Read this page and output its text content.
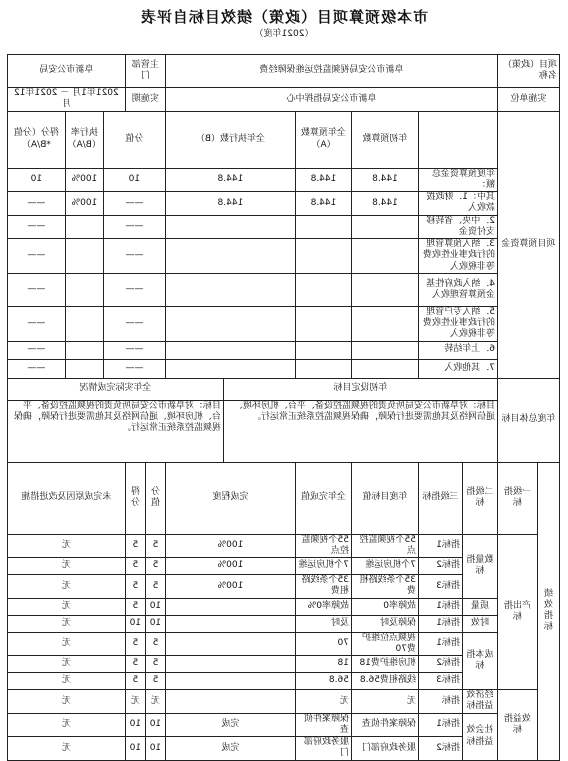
市本级预算项目（政策）绩效目标自评表
（2021年度）
项目（政策）名称		阜新市公安局视频监控运维保障经费						主管部门		阜新市公安局		
实施单位		阜新市公安局指挥中心						实施期		2021年1月 － 2021年12月		
项目预算资金				年初预算数	全年预算数（A）	全年执行数（B）		分值			执行率（B/A）	得分（分值*B/A）
		年度预算资金总额：		144.8	144.8	144.8		10			100%	10
		其中：1．财政拨款收入		144.8	144.8	144.8		——			100%	——
		2．中央、省转移支付资金						——				——
		3．纳入预算管理的行政事业性收费等非税收入						——				——
		4．纳入政府性基金预算管理收入						——				——
		5．纳入专户管理的行政事业性收费等非税收入						——				——
		6．上年结转						——				——
		7．其他收入						——				——
年度总体目标		年初设定目标					全年实际完成情况					
		目标：对阜新市公安局所负责的视频监控设备、平台、机房环境、通信网络及其他需要进行保障，确保视频监控系统正常运行。					目标：对阜新市公安局所负责的视频监控设备、平台、机房环境、通信网络及其他需要进行保障，确保视频监控系统正常运行。					
绩效指标	一级指标	二级指标	三级指标	年度目标值	全年完成值	完成程度		分值	得分	未完成原因及改进措施		
	产出指标	数量指标	指标1	55个视频监控点	55个视频监控点	100%		5	5	无		
			指标2	7个机房运维	7个机房运维	100%		5	5	无		
			指标3	35个条线路租费	35个条线路租费	100%		5	5	无		
		质量	指标1	故障率0	故障率0%			10	5	无		
		时效	指标1	保障及时	及时			10	10	无		
		成本指标	指标1	视频点位维护费70	70			5	5	无		
			指标2	机房维护费18	18			5	5	无		
			指标3	线路租费56.8	56.8			5	5	无		
	效益指标	经济效益指标	指标	无	无			无	无	无		
		社会效益指标	指标1	保障案件侦查	保障案件侦查	完成		10	10	无		
			指标2	服务政府部门	服务政府部门	完成		10	10	无		
